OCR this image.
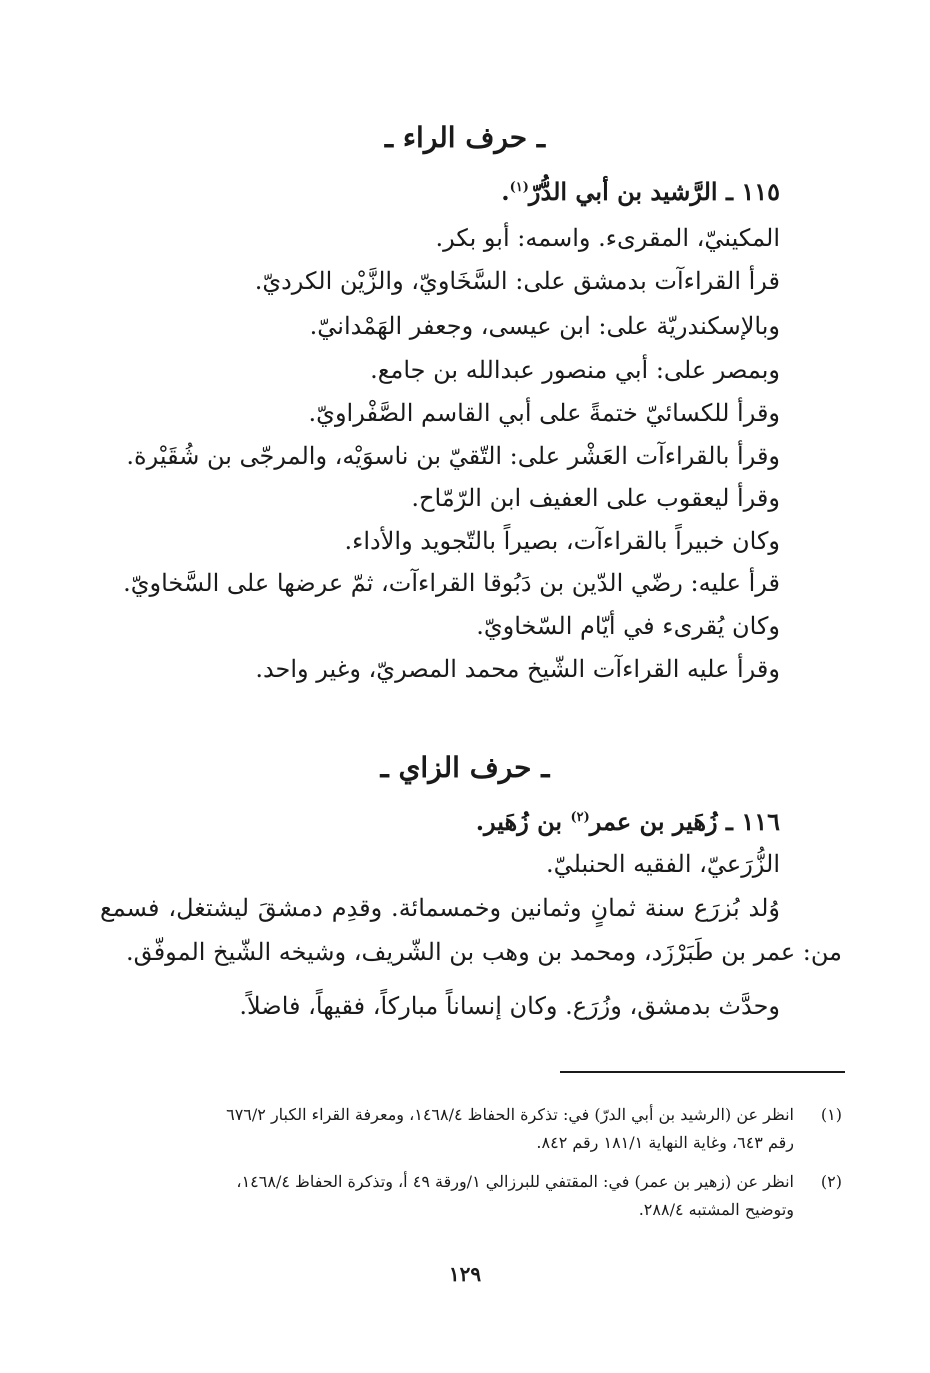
ـ حرف الراء ـ
١١٥ ـ الرَّشيد بن أبي الدُّرّ$^{(١)}$.
المكينيّ، المقرىء. واسمه: أبو بكر.
قرأ القراءآت بدمشق على: السَّخَاويّ، والزَّيْن الكرديّ.
وبالإسكندريّة على: ابن عيسى، وجعفر الهَمْدانيّ.
وبمصر على: أبي منصور عبدالله بن جامع.
وقرأ للكسائيّ ختمةً على أبي القاسم الصَّفْراويّ.
وقرأ بالقراءآت العَشْر على: التّقيّ بن ناسوَيْه، والمرجّى بن شُقَيْرة.
وقرأ ليعقوب على العفيف ابن الرّمّاح.
وكان خبيراً بالقراءآت، بصيراً بالتّجويد والأداء.
قرأ عليه: رضّي الدّين بن دَبُوقا القراءآت، ثمّ عرضها على السَّخاويّ.
وكان يُقرىء في أيّام السّخاويّ.
وقرأ عليه القراءآت الشّيخ محمد المصريّ، وغير واحد.
ـ حرف الزاي ـ
١١٦ ـ زُهَير بن عمر$^{(٢)}$ بن زُهَير.
الزُّرَعيّ، الفقيه الحنبليّ.
وُلد بُزرَع سنة ثمانٍ وثمانين وخمسمائة. وقدِم دمشقَ ليشتغل، فسمع
من: عمر بن طَبَرْزَد، ومحمد بن وهب بن الشّريف، وشيخه الشّيخ الموفّق.
وحدَّث بدمشق، وزُرَع. وكان إنساناً مباركاً، فقيهاً، فاضلاً.
(١)
انظر عن (الرشيد بن أبي الدرّ) في: تذكرة الحفاظ ١٤٦٨/٤، ومعرفة القراء الكبار ٦٧٦/٢
رقم ٦٤٣، وغاية النهاية ١٨١/١ رقم ٨٤٢.
(٢)
انظر عن (زهير بن عمر) في: المقتفي للبرزالي ١/ورقة ٤٩ أ، وتذكرة الحفاظ ١٤٦٨/٤،
وتوضيح المشتبه ٢٨٨/٤.
١٢٩
